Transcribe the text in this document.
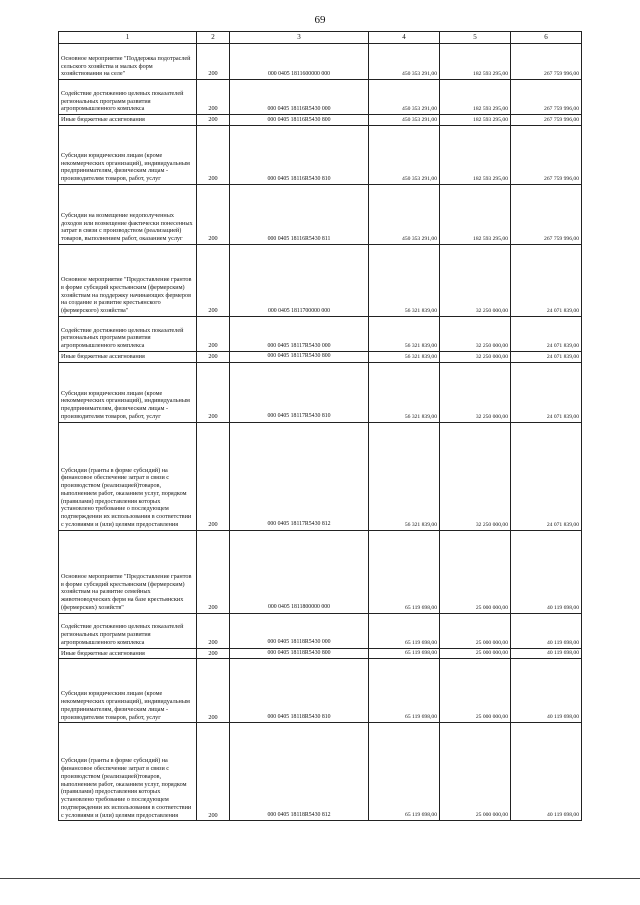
69
1	2	3	4	5	6
Основное мероприятие "Поддержка подотраслей сельского хозяйства и малых форм хозяйствования на селе"	200	000 0405 1811600000 000	450 353 291,00	182 593 295,00	267 759 996,00
Содействие достижению целевых показателей региональных программ развития агропромышленного комплекса	200	000 0405 18116R5430 000	450 353 291,00	182 593 295,00	267 759 996,00
Иные бюджетные ассигнования	200	000 0405 18116R5430 800	450 353 291,00	182 593 295,00	267 759 996,00
Субсидии юридическим лицам (кроме некоммерческих организаций), индивидуальным предпринимателям, физическим лицам - производителям товаров, работ, услуг	200	000 0405 18116R5430 810	450 353 291,00	182 593 295,00	267 759 996,00
Субсидии на возмещение недополученных доходов или возмещение фактически понесенных затрат в связи с производством (реализацией) товаров, выполнением работ, оказанием услуг	200	000 0405 18116R5430 811	450 353 291,00	182 593 295,00	267 759 996,00
Основное мероприятие "Предоставление грантов в форме субсидий крестьянским (фермерским) хозяйствам на поддержку начинающих фермеров на создание и развитие крестьянского (фермерского) хозяйства"	200	000 0405 1811700000 000	56 321 839,00	32 250 000,00	24 071 839,00
Содействие достижению целевых показателей региональных программ развития агропромышленного комплекса	200	000 0405 18117R5430 000	56 321 839,00	32 250 000,00	24 071 839,00
Иные бюджетные ассигнования	200	000 0405 18117R5430 800	56 321 839,00	32 250 000,00	24 071 839,00
Субсидии юридическим лицам (кроме некоммерческих организаций), индивидуальным предпринимателям, физическим лицам - производителям товаров, работ, услуг	200	000 0405 18117R5430 810	56 321 839,00	32 250 000,00	24 071 839,00
Субсидии (гранты в форме субсидий) на финансовое обеспечение затрат в связи с производством (реализацией)товаров, выполнением работ, оказанием услуг, порядком (правилами) предоставления которых установлено требование о последующем подтверждении их использования в соответствии с условиями и (или) целями предоставления	200	000 0405 18117R5430 812	56 321 839,00	32 250 000,00	24 071 839,00
Основное мероприятие "Предоставление грантов в форме субсидий крестьянским (фермерским) хозяйствам на развитие семейных животноводческих ферм на базе крестьянских (фермерских) хозяйств"	200	000 0405 1811800000 000	65 119 698,00	25 000 000,00	40 119 698,00
Содействие достижению целевых показателей региональных программ развития агропромышленного комплекса	200	000 0405 18118R5430 000	65 119 698,00	25 000 000,00	40 119 698,00
Иные бюджетные ассигнования	200	000 0405 18118R5430 800	65 119 698,00	25 000 000,00	40 119 698,00
Субсидии юридическим лицам (кроме некоммерческих организаций), индивидуальным предпринимателям, физическим лицам - производителям товаров, работ, услуг	200	000 0405 18118R5430 810	65 119 698,00	25 000 000,00	40 119 698,00
Субсидии (гранты в форме субсидий) на финансовое обеспечение затрат в связи с производством (реализацией)товаров, выполнением работ, оказанием услуг, порядком (правилами) предоставления которых установлено требование о последующем подтверждении их использования в соответствии с условиями и (или) целями предоставления	200	000 0405 18118R5430 812	65 119 698,00	25 000 000,00	40 119 698,00
